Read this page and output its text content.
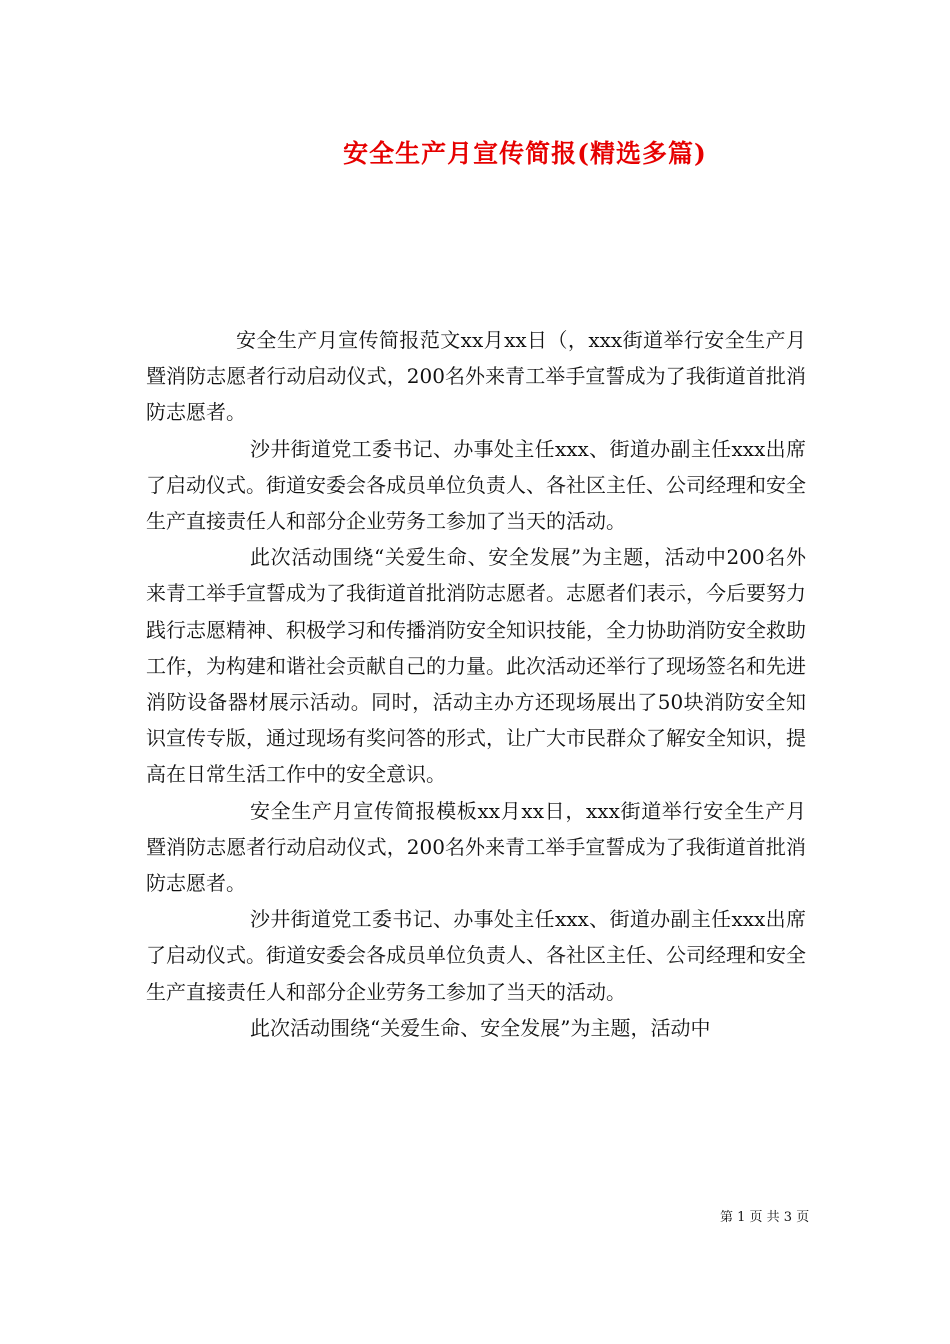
安全生产月宣传简报(精选多篇)

安全生产月宣传简报范文xx月xx日（，xxx街道举行安全生产月暨消防志愿者行动启动仪式，200名外来青工举手宣誓成为了我街道首批消防志愿者。

沙井街道党工委书记、办事处主任xxx、街道办副主任xxx出席了启动仪式。街道安委会各成员单位负责人、各社区主任、公司经理和安全生产直接责任人和部分企业劳务工参加了当天的活动。

此次活动围绕“关爱生命、安全发展”为主题，活动中200名外来青工举手宣誓成为了我街道首批消防志愿者。志愿者们表示，今后要努力践行志愿精神、积极学习和传播消防安全知识技能，全力协助消防安全救助工作，为构建和谐社会贡献自己的力量。此次活动还举行了现场签名和先进消防设备器材展示活动。同时，活动主办方还现场展出了50块消防安全知识宣传专版，通过现场有奖问答的形式，让广大市民群众了解安全知识，提高在日常生活工作中的安全意识。

安全生产月宣传简报模板xx月xx日，xxx街道举行安全生产月暨消防志愿者行动启动仪式，200名外来青工举手宣誓成为了我街道首批消防志愿者。

沙井街道党工委书记、办事处主任xxx、街道办副主任xxx出席了启动仪式。街道安委会各成员单位负责人、各社区主任、公司经理和安全生产直接责任人和部分企业劳务工参加了当天的活动。

此次活动围绕“关爱生命、安全发展”为主题，活动中

第 1 页 共 3 页
